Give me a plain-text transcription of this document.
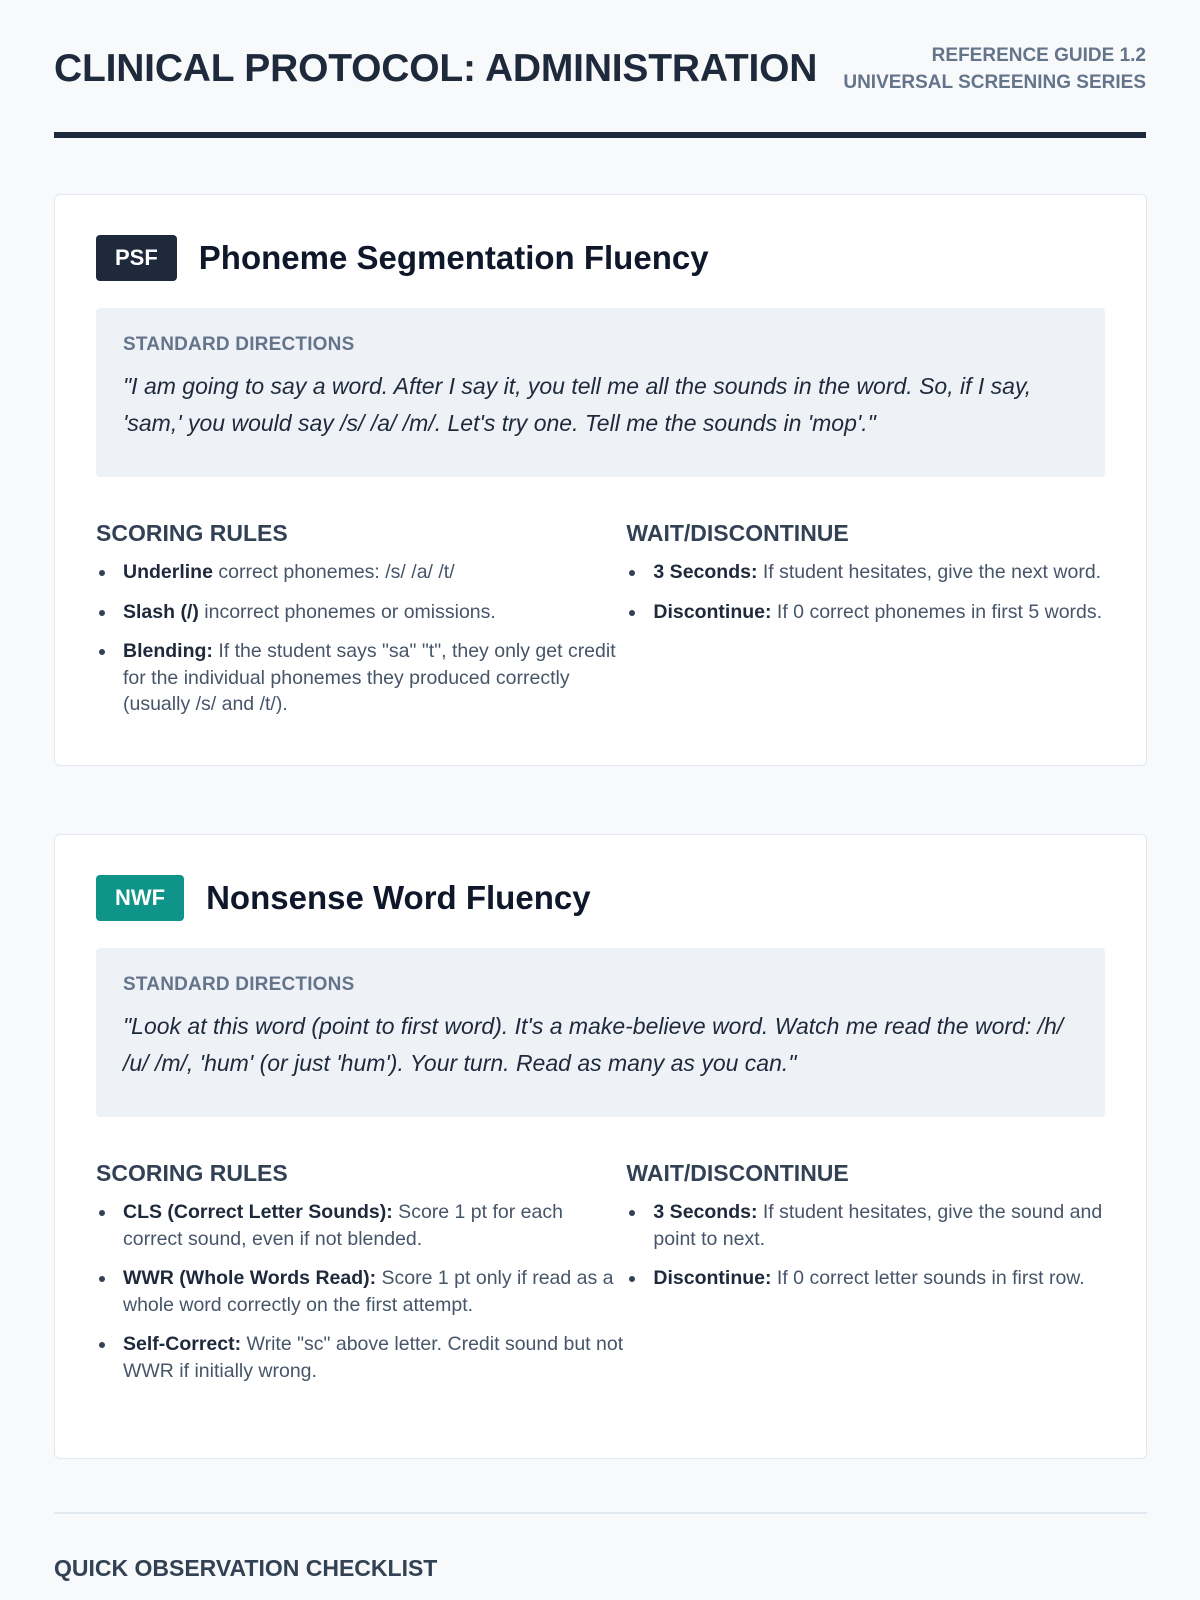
CLINICAL PROTOCOL: ADMINISTRATION	REFERENCE GUIDE 1.2
UNIVERSAL SCREENING SERIES
PSF	Phoneme Segmentation Fluency
STANDARD DIRECTIONS

"I am going to say a word. After I say it, you tell me all the sounds in the word. So, if I say, 'sam,' you would say /s/ /a/ /m/. Let's try one. Tell me the sounds in 'mop'."

SCORING RULES
Underline correct phonemes: /s/ /a/ /t/
Slash (/) incorrect phonemes or omissions.
Blending: If the student says "sa" "t", they only get credit for the individual phonemes they produced correctly (usually /s/ and /t/).
WAIT/DISCONTINUE
3 Seconds: If student hesitates, give the next word.
Discontinue: If 0 correct phonemes in first 5 words.
NWF	Nonsense Word Fluency
STANDARD DIRECTIONS

"Look at this word (point to first word). It's a make-believe word. Watch me read the word: /h/ /u/ /m/, 'hum' (or just 'hum'). Your turn. Read as many as you can."

SCORING RULES
CLS (Correct Letter Sounds): Score 1 pt for each correct sound, even if not blended.
WWR (Whole Words Read): Score 1 pt only if read as a whole word correctly on the first attempt.
Self-Correct: Write "sc" above letter. Credit sound but not WWR if initially wrong.
WAIT/DISCONTINUE
3 Seconds: If student hesitates, give the sound and point to next.
Discontinue: If 0 correct letter sounds in first row.
QUICK OBSERVATION CHECKLIST
